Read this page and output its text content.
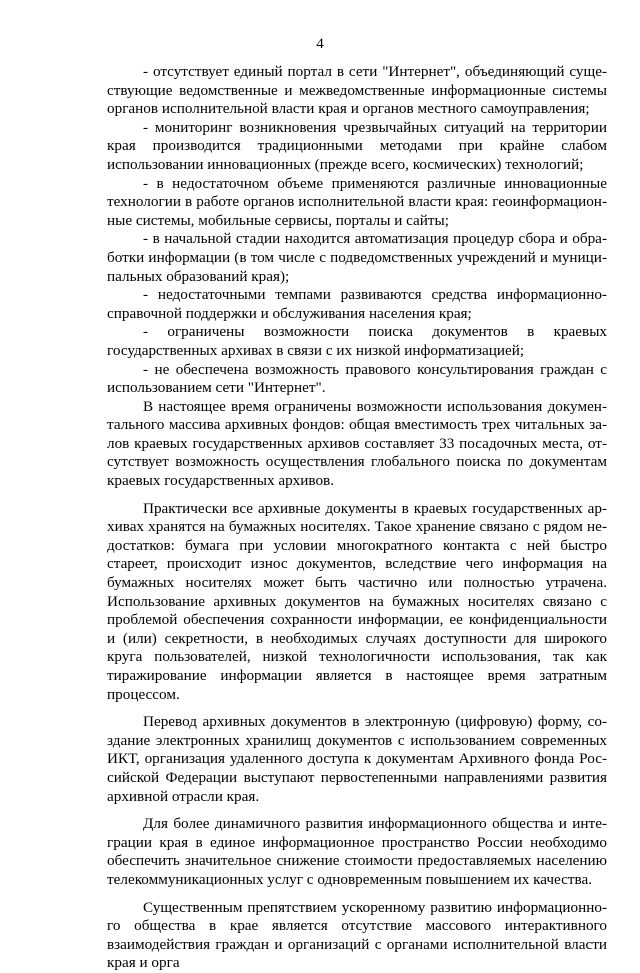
4

- отсутствует единый портал в сети "Интернет", объединяющий существующие ведомственные и межведомственные информационные системы органов исполнительной власти края и органов местного самоуправления;

- мониторинг возникновения чрезвычайных ситуаций на территории края производится традиционными методами при крайне слабом использовании инновационных (прежде всего, космических) технологий;

- в недостаточном объеме применяются различные инновационные технологии в работе органов исполнительной власти края: геоинформационные системы, мобильные сервисы, порталы и сайты;

- в начальной стадии находится автоматизация процедур сбора и обработки информации (в том числе с подведомственных учреждений и муниципальных образований края);

- недостаточными темпами развиваются средства информационно-справочной поддержки и обслуживания населения края;

- ограничены возможности поиска документов в краевых государственных архивах в связи с их низкой информатизацией;

- не обеспечена возможность правового консультирования граждан с использованием сети "Интернет".

В настоящее время ограничены возможности использования документального массива архивных фондов: общая вместимость трех читальных залов краевых государственных архивов составляет 33 посадочных места, отсутствует возможность осуществления глобального поиска по документам краевых государственных архивов.

Практически все архивные документы в краевых государственных архивах хранятся на бумажных носителях. Такое хранение связано с рядом недостатков: бумага при условии многократного контакта с ней быстро стареет, происходит износ документов, вследствие чего информация на бумажных носителях может быть частично или полностью утрачена. Использование архивных документов на бумажных носителях связано с проблемой обеспечения сохранности информации, ее конфиденциальности и (или) секретности, в необходимых случаях доступности для широкого круга пользователей, низкой технологичности использования, так как тиражирование информации является в настоящее время затратным процессом.

Перевод архивных документов в электронную (цифровую) форму, создание электронных хранилищ документов с использованием современных ИКТ, организация удаленного доступа к документам Архивного фонда Российской Федерации выступают первостепенными направлениями развития архивной отрасли края.

Для более динамичного развития информационного общества и интеграции края в единое информационное пространство России необходимо обеспечить значительное снижение стоимости предоставляемых населению телекоммуникационных услуг с одновременным повышением их качества.

Существенным препятствием ускоренному развитию информационного общества в крае является отсутствие массового интерактивного взаимодействия граждан и организаций с органами исполнительной власти края и орга
